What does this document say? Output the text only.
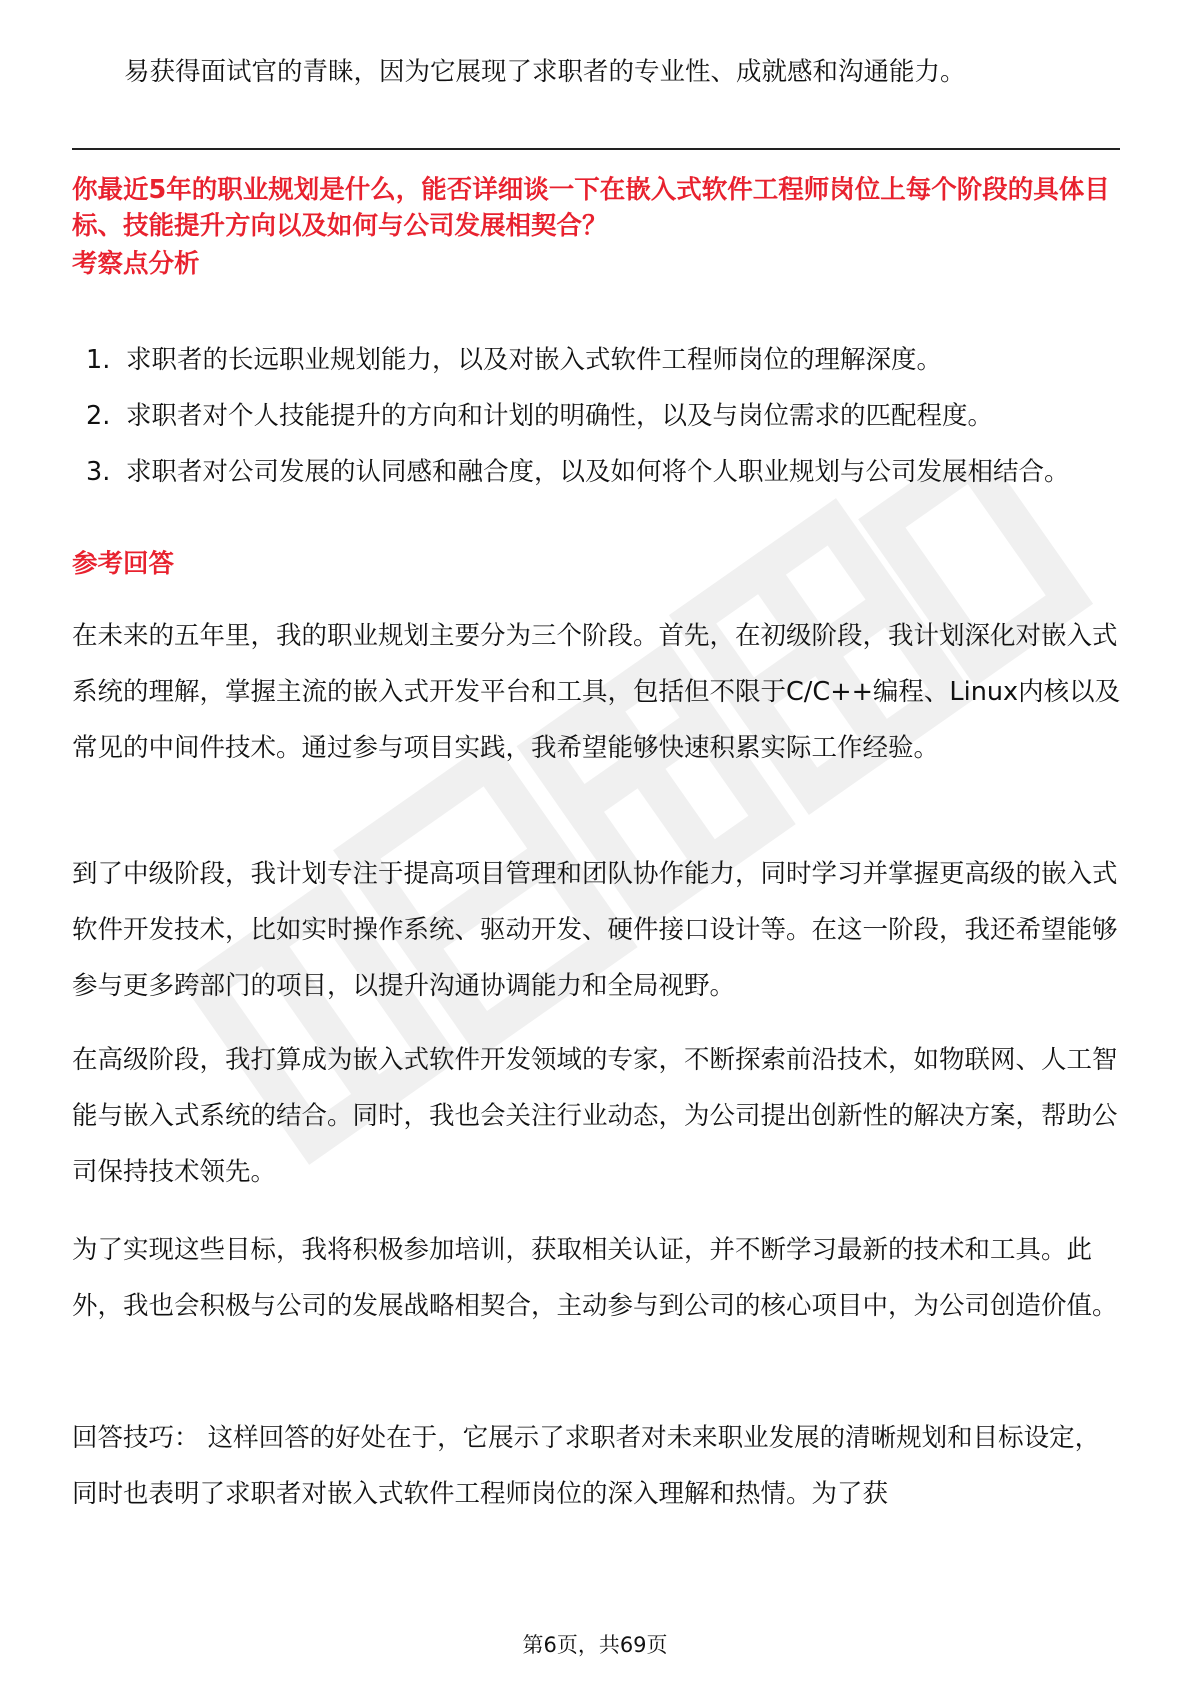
易获得面试官的青睐，因为它展现了求职者的专业性、成就感和沟通能力。

你最近5年的职业规划是什么，能否详细谈一下在嵌入式软件工程师岗位上每个阶段的具体目标、技能提升方向以及如何与公司发展相契合？

考察点分析

1. 求职者的长远职业规划能力，以及对嵌入式软件工程师岗位的理解深度。
2. 求职者对个人技能提升的方向和计划的明确性，以及与岗位需求的匹配程度。
3. 求职者对公司发展的认同感和融合度，以及如何将个人职业规划与公司发展相结合。

参考回答

在未来的五年里，我的职业规划主要分为三个阶段。首先，在初级阶段，我计划深化对嵌入式系统的理解，掌握主流的嵌入式开发平台和工具，包括但不限于C/C++编程、Linux内核以及常见的中间件技术。通过参与项目实践，我希望能够快速积累实际工作经验。

到了中级阶段，我计划专注于提高项目管理和团队协作能力，同时学习并掌握更高级的嵌入式软件开发技术，比如实时操作系统、驱动开发、硬件接口设计等。在这一阶段，我还希望能够参与更多跨部门的项目，以提升沟通协调能力和全局视野。

在高级阶段，我打算成为嵌入式软件开发领域的专家，不断探索前沿技术，如物联网、人工智能与嵌入式系统的结合。同时，我也会关注行业动态，为公司提出创新性的解决方案，帮助公司保持技术领先。

为了实现这些目标，我将积极参加培训，获取相关认证，并不断学习最新的技术和工具。此外，我也会积极与公司的发展战略相契合，主动参与到公司的核心项目中，为公司创造价值。

回答技巧： 这样回答的好处在于，它展示了求职者对未来职业发展的清晰规划和目标设定，同时也表明了求职者对嵌入式软件工程师岗位的深入理解和热情。为了获

第6页，共69页
